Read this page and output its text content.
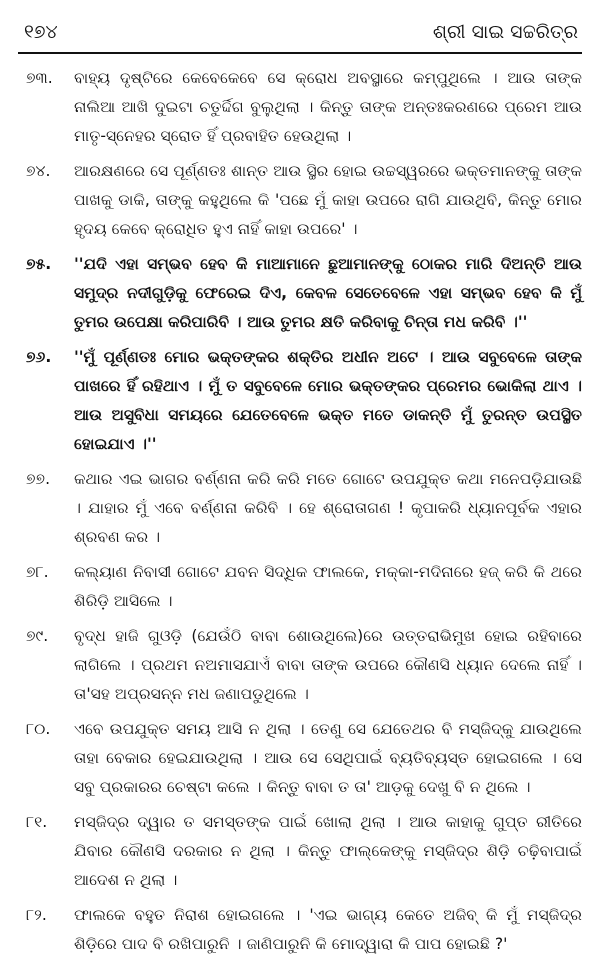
୧୭୪	ଶ୍ରୀ ସାଇ ସଚ୍ଚରିତ୍ର
୭୩.	ବାହ୍ୟ ଦୃଷ୍ଟିରେ କେବେକେବେ ସେ କ୍ରୋଧ ଅବସ୍ଥାରେ କମ୍ପୁଥିଲେ । ଆଉ ତାଙ୍କ ନାଲିଆ ଆଖି ଦୁଇଟା ଚତୁର୍ଦ୍ଦିଗ ବୁଲୁଥିଲା । କିନ୍ତୁ ତାଙ୍କ ଅନ୍ତଃକରଣରେ ପ୍ରେମ ଆଉ ମାତୃ-ସ୍ନେହର ସ୍ରୋତ ହିଁ ପ୍ରବାହିତ ହେଉଥିଲା ।
୭୪.	ଆରକ୍ଷଣରେ ସେ ପୂର୍ଣ୍ଣତଃ ଶାନ୍ତ ଆଉ ସ୍ଥିର ହୋଇ ଉଚ୍ଚସ୍ୱରରେ ଭକ୍ତମାନଙ୍କୁ ତାଙ୍କ ପାଖକୁ ଡାକି, ତାଙ୍କୁ କହୁଥିଲେ କି 'ପଛେ ମୁଁ କାହା ଉପରେ ରାଗି ଯାଉଥିବି, କିନ୍ତୁ ମୋର ହୃଦୟ କେବେ କ୍ରୋଧିତ ହୁଏ ନାହିଁ କାହା ଉପରେ' ।
୭୫.	''ଯଦି ଏହା ସମ୍ଭବ ହେବ କି ମାଆମାନେ ଛୁଆମାନଙ୍କୁ ଠୋକର ମାରି ଦିଅନ୍ତି ଆଉ ସମୁଦ୍ର ନଦୀଗୁଡ଼ିକୁ ଫେରେଇ ଦିଏ, କେବଳ ସେତେବେଳେ ଏହା ସମ୍ଭବ ହେବ କି ମୁଁ ତୁମର ଉପେକ୍ଷା କରିପାରିବି । ଆଉ ତୁମର କ୍ଷତି କରିବାକୁ ଚିନ୍ତା ମଧ କରିବି ।''
୭୬.	''ମୁଁ ପୂର୍ଣ୍ଣତଃ ମୋର ଭକ୍ତଙ୍କର ଶକ୍ତିର ଅଧୀନ ଅଟେ । ଆଉ ସବୁବେଳେ ତାଙ୍କ ପାଖରେ ହିଁ ରହିଥାଏ । ମୁଁ ତ ସବୁବେଳେ ମୋର ଭକ୍ତଙ୍କର ପ୍ରେମର ଭୋକିଲା ଥାଏ । ଆଉ ଅସୁବିଧା ସମୟରେ ଯେତେବେଳେ ଭକ୍ତ ମତେ ଡାକନ୍ତି ମୁଁ ତୁରନ୍ତ ଉପସ୍ଥିତ ହୋଇଯାଏ ।''
୭୭.	କଥାର ଏଇ ଭାଗର ବର୍ଣ୍ଣନା କରି କରି ମତେ ଗୋଟେ ଉପଯୁକ୍ତ କଥା ମନେପଡ଼ିଯାଉଛି । ଯାହାର ମୁଁ ଏବେ ବର୍ଣ୍ଣନା କରିବି । ହେ ଶ୍ରୋତାଗଣ ! କୃପାକରି ଧ୍ୟାନପୂର୍ବକ ଏହାର ଶ୍ରବଣ କର ।
୭୮.	କଲ୍ୟାଣ ନିବାସୀ ଗୋଟେ ଯବନ ସିଦ୍ଧିକ ଫାଲକେ, ମକ୍କା-ମଦିନାରେ ହଜ୍ କରି କି ଥରେ ଶିରିଡ଼ି ଆସିଲେ ।
୭୯.	ବୃଦ୍ଧ ହାଜି ଗୁଓଡ଼ି (ଯେଉଁଠି ବାବା ଶୋଉଥିଲେ)ରେ ଉତ୍ତରାଭିମୁଖ ହୋଇ ରହିବାରେ ଲାଗିଲେ । ପ୍ରଥମ ନଅମାସଯାଏଁ ବାବା ତାଙ୍କ ଉପରେ କୌଣସି ଧ୍ୟାନ ଦେଲେ ନାହିଁ । ତା'ସହ ଅପ୍ରସନ୍ନ ମଧ ଜଣାପଡୁଥିଲେ ।
୮୦.	ଏବେ ଉପଯୁକ୍ତ ସମୟ ଆସି ନ ଥିଲା । ତେଣୁ ସେ ଯେତେଥର ବି ମସ୍‌ଜିଦ୍‌କୁ ଯାଉଥିଲେ ତାହା ବେକାର ହେଇଯାଉଥିଲା । ଆଉ ସେ ସେଥିପାଇଁ ବ୍ୟତିବ୍ୟସ୍ତ ହୋଇଗଲେ । ସେ ସବୁ ପ୍ରକାରର ଚେଷ୍ଟା କଲେ । କିନ୍ତୁ ବାବା ତ ତା' ଆଡ଼କୁ ଦେଖୁ ବି ନ ଥିଲେ ।
୮୧.	ମସ୍‌ଜିଦ୍‌ର ଦ୍ୱାର ତ ସମସ୍ତଙ୍କ ପାଇଁ ଖୋଲା ଥିଲା । ଆଉ କାହାକୁ ଗୁପ୍ତ ରୀତିରେ ଯିବାର କୌଣସି ଦରକାର ନ ଥିଲା । କିନ୍ତୁ ଫାଲ୍‌କେଙ୍କୁ ମସ୍‌ଜିଦ୍‌ର ଶିଡ଼ି ଚଢ଼ିବାପାଇଁ ଆଦେଶ ନ ଥିଲା ।
୮୨.	ଫାଲକେ ବହୁତ ନିରାଶ ହୋଇଗଲେ । 'ଏଇ ଭାଗ୍ୟ କେତେ ଅଜିବ୍ କି ମୁଁ ମସ୍‌ଜିଦ୍‌ର ଶିଡ଼ିରେ ପାଦ ବି ରଖିପାରୁନି । ଜାଣିପାରୁନି କି ମୋଦ୍ୱାରା କି ପାପ ହୋଇଛି ?'
